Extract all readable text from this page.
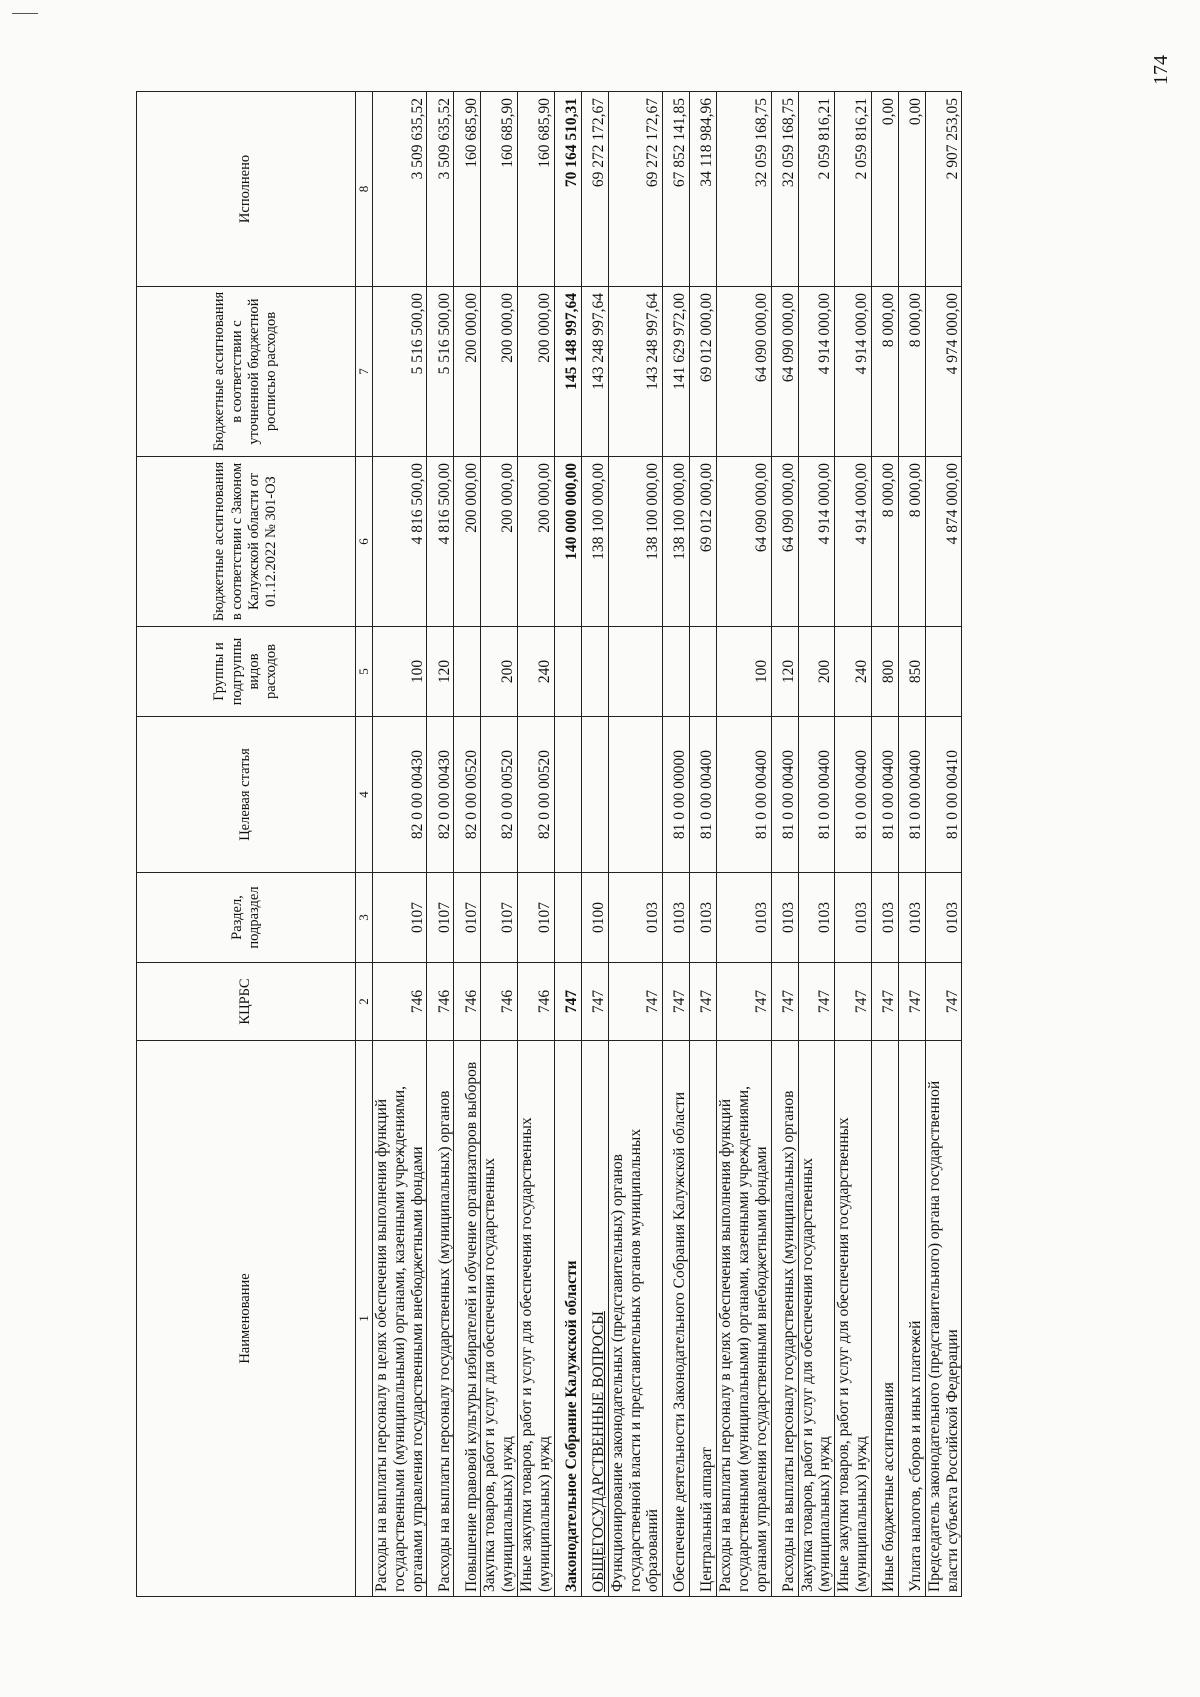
174
Наименование	КЦРБС	Раздел, подраздел	Целевая статья	Группы и подгруппы видов расходов	Бюджетные ассигнования в соответствии с Законом Калужской области от 01.12.2022 № 301-ОЗ	Бюджетные ассигнования в соответствии с уточненной бюджетной росписью расходов	Исполнено
1	2	3	4	5	6	7	8
Расходы на выплаты персоналу в целях обеспечения выполнения функций государственными (муниципальными) органами, казенными учреждениями, органами управления государственными внебюджетными фондами	746	0107	82 0 00 00430	100	4 816 500,00	5 516 500,00	3 509 635,52
Расходы на выплаты персоналу государственных (муниципальных) органов	746	0107	82 0 00 00430	120	4 816 500,00	5 516 500,00	3 509 635,52
Повышение правовой культуры избирателей и обучение организаторов выборов	746	0107	82 0 00 00520		200 000,00	200 000,00	160 685,90
Закупка товаров, работ и услуг для обеспечения государственных (муниципальных) нужд	746	0107	82 0 00 00520	200	200 000,00	200 000,00	160 685,90
Иные закупки товаров, работ и услуг для обеспечения государственных (муниципальных) нужд	746	0107	82 0 00 00520	240	200 000,00	200 000,00	160 685,90
Законодательное Собрание Калужской области	747				140 000 000,00	145 148 997,64	70 164 510,31
ОБЩЕГОСУДАРСТВЕННЫЕ ВОПРОСЫ	747	0100			138 100 000,00	143 248 997,64	69 272 172,67
Функционирование законодательных (представительных) органов государственной власти и представительных органов муниципальных образований	747	0103			138 100 000,00	143 248 997,64	69 272 172,67
Обеспечение деятельности Законодательного Собрания Калужской области	747	0103	81 0 00 00000		138 100 000,00	141 629 972,00	67 852 141,85
Центральный аппарат	747	0103	81 0 00 00400		69 012 000,00	69 012 000,00	34 118 984,96
Расходы на выплаты персоналу в целях обеспечения выполнения функций государственными (муниципальными) органами, казенными учреждениями, органами управления государственными внебюджетными фондами	747	0103	81 0 00 00400	100	64 090 000,00	64 090 000,00	32 059 168,75
Расходы на выплаты персоналу государственных (муниципальных) органов	747	0103	81 0 00 00400	120	64 090 000,00	64 090 000,00	32 059 168,75
Закупка товаров, работ и услуг для обеспечения государственных (муниципальных) нужд	747	0103	81 0 00 00400	200	4 914 000,00	4 914 000,00	2 059 816,21
Иные закупки товаров, работ и услуг для обеспечения государственных (муниципальных) нужд	747	0103	81 0 00 00400	240	4 914 000,00	4 914 000,00	2 059 816,21
Иные бюджетные ассигнования	747	0103	81 0 00 00400	800	8 000,00	8 000,00	0,00
Уплата налогов, сборов и иных платежей	747	0103	81 0 00 00400	850	8 000,00	8 000,00	0,00
Председатель законодательного (представительного) органа государственной власти субъекта Российской Федерации	747	0103	81 0 00 00410		4 874 000,00	4 974 000,00	2 907 253,05
